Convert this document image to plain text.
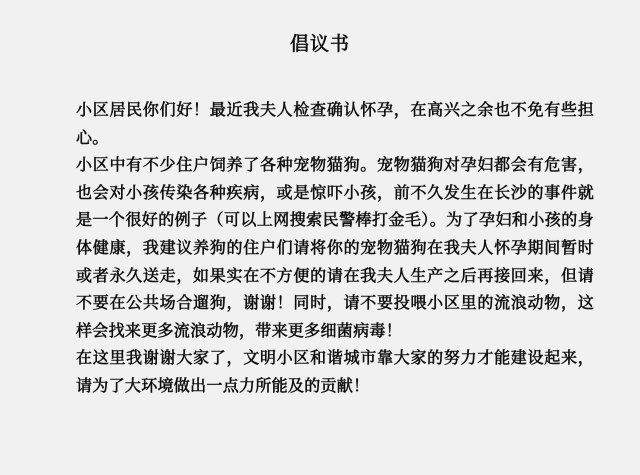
倡议书

小区居民你们好！最近我夫人检查确认怀孕，在高兴之余也不免有些担心。

小区中有不少住户饲养了各种宠物猫狗。宠物猫狗对孕妇都会有危害，也会对小孩传染各种疾病，或是惊吓小孩，前不久发生在长沙的事件就是一个很好的例子（可以上网搜索民警棒打金毛）。为了孕妇和小孩的身体健康，我建议养狗的住户们请将你的宠物猫狗在我夫人怀孕期间暂时或者永久送走，如果实在不方便的请在我夫人生产之后再接回来，但请不要在公共场合遛狗，谢谢！同时，请不要投喂小区里的流浪动物，这样会找来更多流浪动物，带来更多细菌病毒！

在这里我谢谢大家了，文明小区和谐城市靠大家的努力才能建设起来，请为了大环境做出一点力所能及的贡献！
